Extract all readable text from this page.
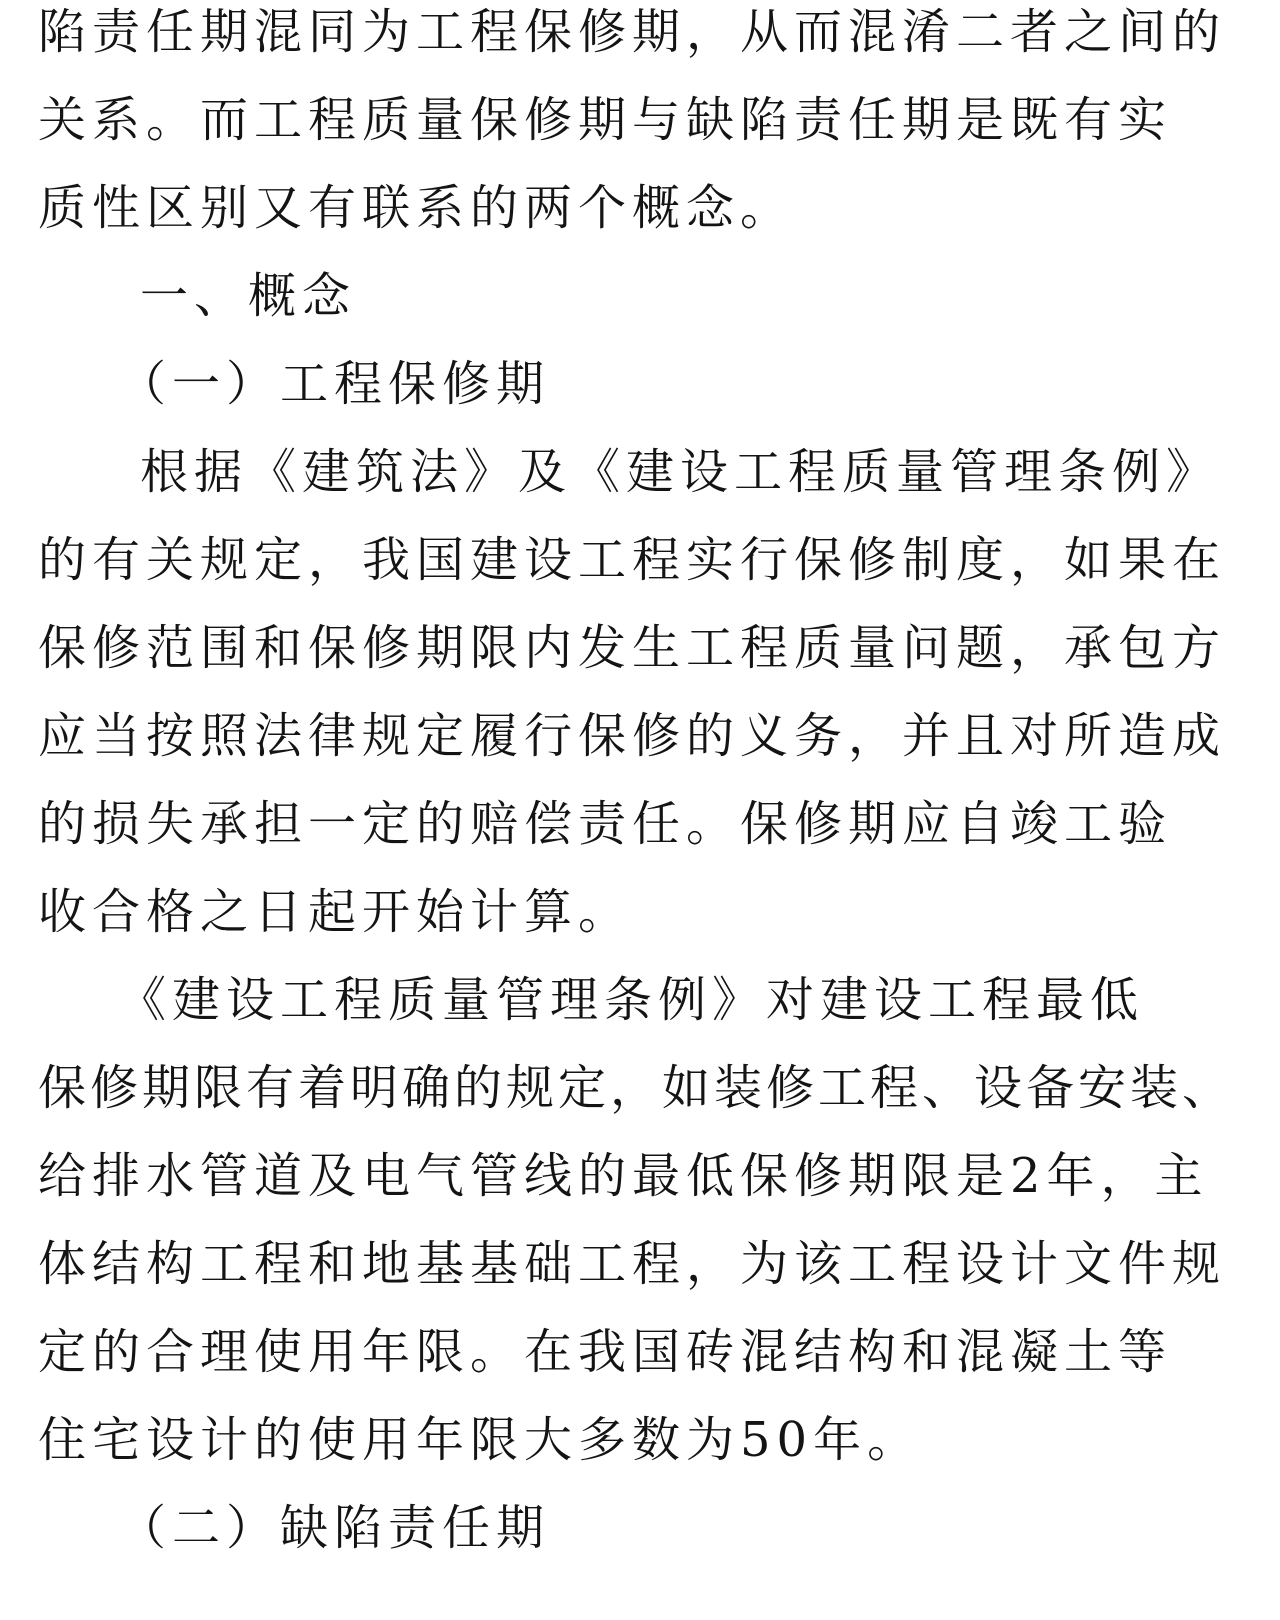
陷责任期混同为工程保修期，从而混淆二者之间的
关系。而工程质量保修期与缺陷责任期是既有实
质性区别又有联系的两个概念。
一、概念
（一）工程保修期
根据《建筑法》及《建设工程质量管理条例》
的有关规定，我国建设工程实行保修制度，如果在
保修范围和保修期限内发生工程质量问题，承包方
应当按照法律规定履行保修的义务，并且对所造成
的损失承担一定的赔偿责任。保修期应自竣工验
收合格之日起开始计算。
《建设工程质量管理条例》对建设工程最低
保修期限有着明确的规定，如装修工程、设备安装、
给排水管道及电气管线的最低保修期限是2年，主
体结构工程和地基基础工程，为该工程设计文件规
定的合理使用年限。在我国砖混结构和混凝土等
住宅设计的使用年限大多数为50年。
（二）缺陷责任期
